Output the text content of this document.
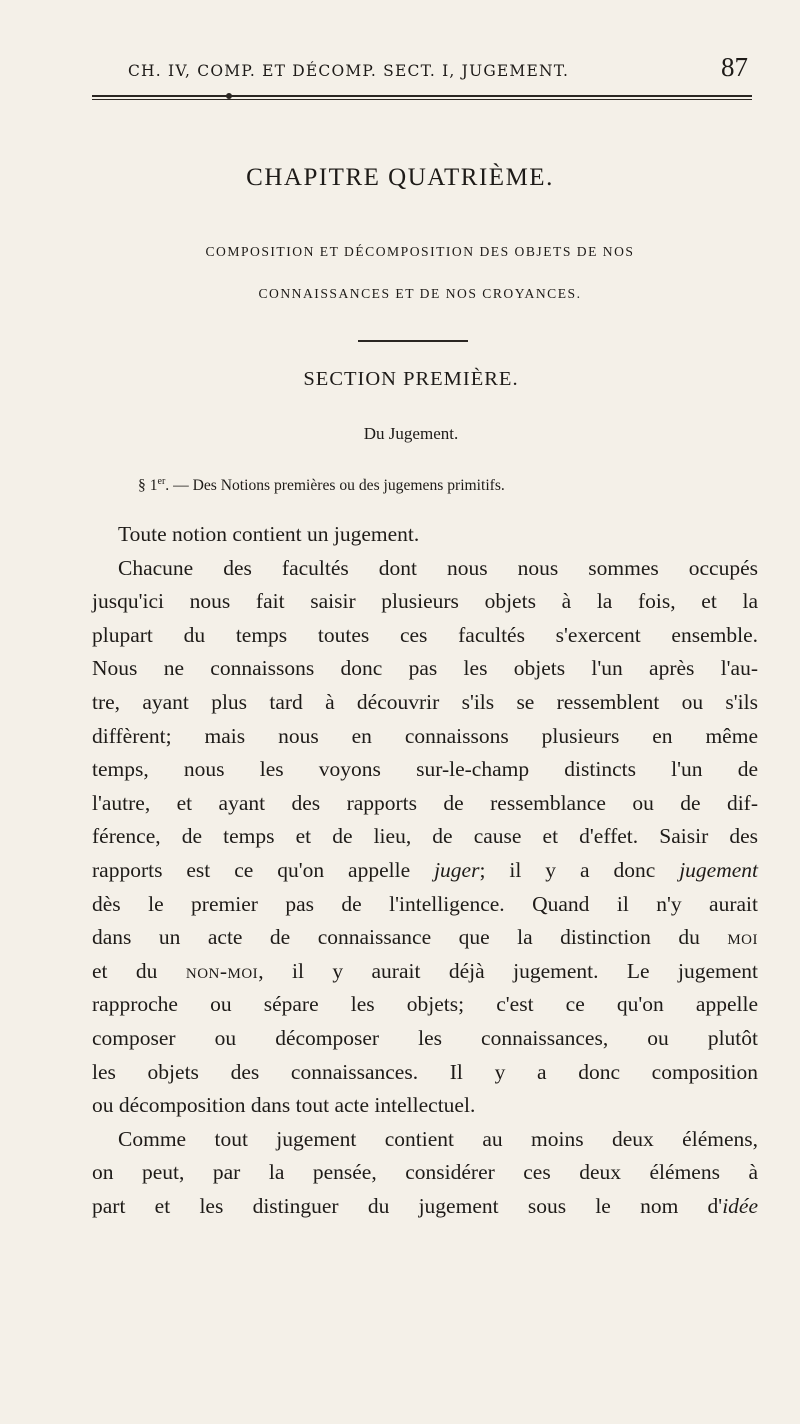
CH. IV, COMP. ET DÉCOMP. SECT. I, JUGEMENT.	87
CHAPITRE QUATRIÈME.
COMPOSITION ET DÉCOMPOSITION DES OBJETS DE NOS
CONNAISSANCES ET DE NOS CROYANCES.
SECTION PREMIÈRE.
Du Jugement.
§ 1er. — Des Notions premières ou des jugemens primitifs.
Toute notion contient un jugement.
Chacune des facultés dont nous nous sommes occupés
jusqu'ici nous fait saisir plusieurs objets à la fois, et la
plupart du temps toutes ces facultés s'exercent ensemble.
Nous ne connaissons donc pas les objets l'un après l'au-
tre, ayant plus tard à découvrir s'ils se ressemblent ou s'ils
diffèrent; mais nous en connaissons plusieurs en même
temps, nous les voyons sur-le-champ distincts l'un de
l'autre, et ayant des rapports de ressemblance ou de dif-
férence, de temps et de lieu, de cause et d'effet. Saisir des
rapports est ce qu'on appelle juger; il y a donc jugement
dès le premier pas de l'intelligence. Quand il n'y aurait
dans un acte de connaissance que la distinction du moi
et du non-moi, il y aurait déjà jugement. Le jugement
rapproche ou sépare les objets; c'est ce qu'on appelle
composer ou décomposer les connaissances, ou plutôt
les objets des connaissances. Il y a donc composition
ou décomposition dans tout acte intellectuel.
Comme tout jugement contient au moins deux élémens,
on peut, par la pensée, considérer ces deux élémens à
part et les distinguer du jugement sous le nom d'idée
